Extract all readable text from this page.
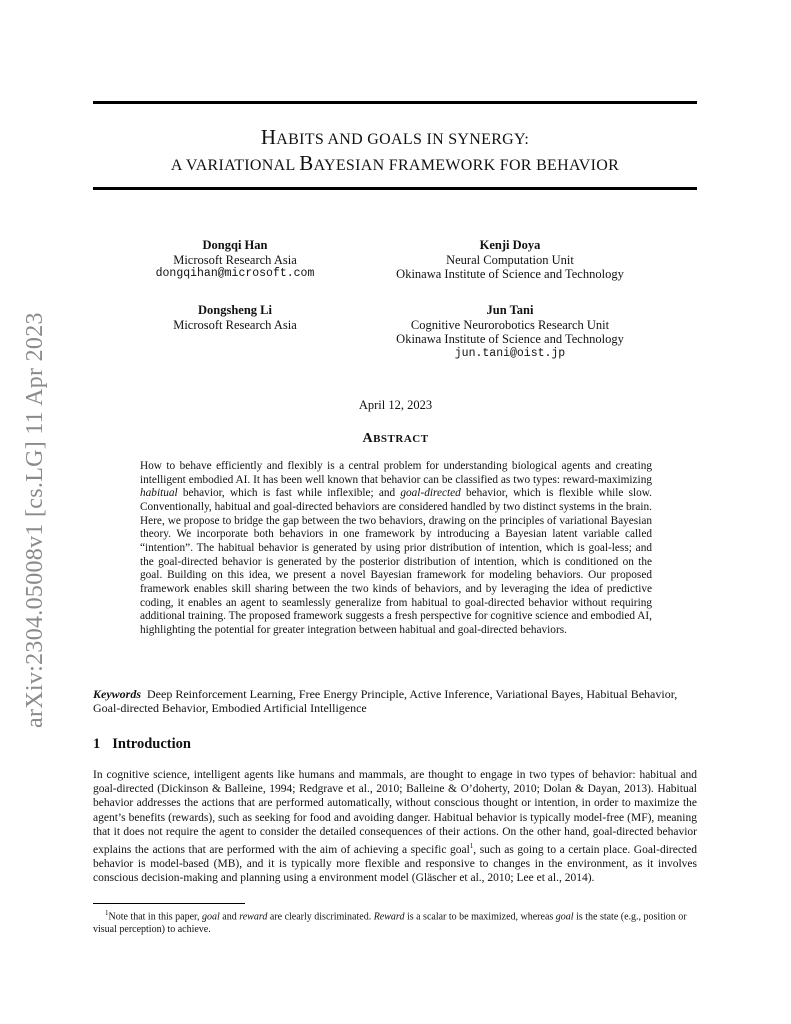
arXiv:2304.05008v1 [cs.LG] 11 Apr 2023
HABITS AND GOALS IN SYNERGY:
A VARIATIONAL BAYESIAN FRAMEWORK FOR BEHAVIOR
Dongqi Han
Microsoft Research Asia
dongqihan@microsoft.com
Kenji Doya
Neural Computation Unit
Okinawa Institute of Science and Technology
Dongsheng Li
Microsoft Research Asia
Jun Tani
Cognitive Neurorobotics Research Unit
Okinawa Institute of Science and Technology
jun.tani@oist.jp
April 12, 2023
ABSTRACT

How to behave efficiently and flexibly is a central problem for understanding biological agents and creating intelligent embodied AI. It has been well known that behavior can be classified as two types: reward-maximizing habitual behavior, which is fast while inflexible; and goal-directed behavior, which is flexible while slow. Conventionally, habitual and goal-directed behaviors are considered handled by two distinct systems in the brain. Here, we propose to bridge the gap between the two behaviors, drawing on the principles of variational Bayesian theory. We incorporate both behaviors in one framework by introducing a Bayesian latent variable called “intention”. The habitual behavior is generated by using prior distribution of intention, which is goal-less; and the goal-directed behavior is generated by the posterior distribution of intention, which is conditioned on the goal. Building on this idea, we present a novel Bayesian framework for modeling behaviors. Our proposed framework enables skill sharing between the two kinds of behaviors, and by leveraging the idea of predictive coding, it enables an agent to seamlessly generalize from habitual to goal-directed behavior without requiring additional training. The proposed framework suggests a fresh perspective for cognitive science and embodied AI, highlighting the potential for greater integration between habitual and goal-directed behaviors.

Keywords Deep Reinforcement Learning, Free Energy Principle, Active Inference, Variational Bayes, Habitual Behavior, Goal-directed Behavior, Embodied Artificial Intelligence

1 Introduction

In cognitive science, intelligent agents like humans and mammals, are thought to engage in two types of behavior: habitual and goal-directed (Dickinson & Balleine, 1994; Redgrave et al., 2010; Balleine & O’doherty, 2010; Dolan & Dayan, 2013). Habitual behavior addresses the actions that are performed automatically, without conscious thought or intention, in order to maximize the agent’s benefits (rewards), such as seeking for food and avoiding danger. Habitual behavior is typically model-free (MF), meaning that it does not require the agent to consider the detailed consequences of their actions. On the other hand, goal-directed behavior explains the actions that are performed with the aim of achieving a specific goal$^1$, such as going to a certain place. Goal-directed behavior is model-based (MB), and it is typically more flexible and responsive to changes in the environment, as it involves conscious decision-making and planning using a environment model (Gläscher et al., 2010; Lee et al., 2014).

$^1$Note that in this paper, goal and reward are clearly discriminated. Reward is a scalar to be maximized, whereas goal is the state (e.g., position or visual perception) to achieve.
